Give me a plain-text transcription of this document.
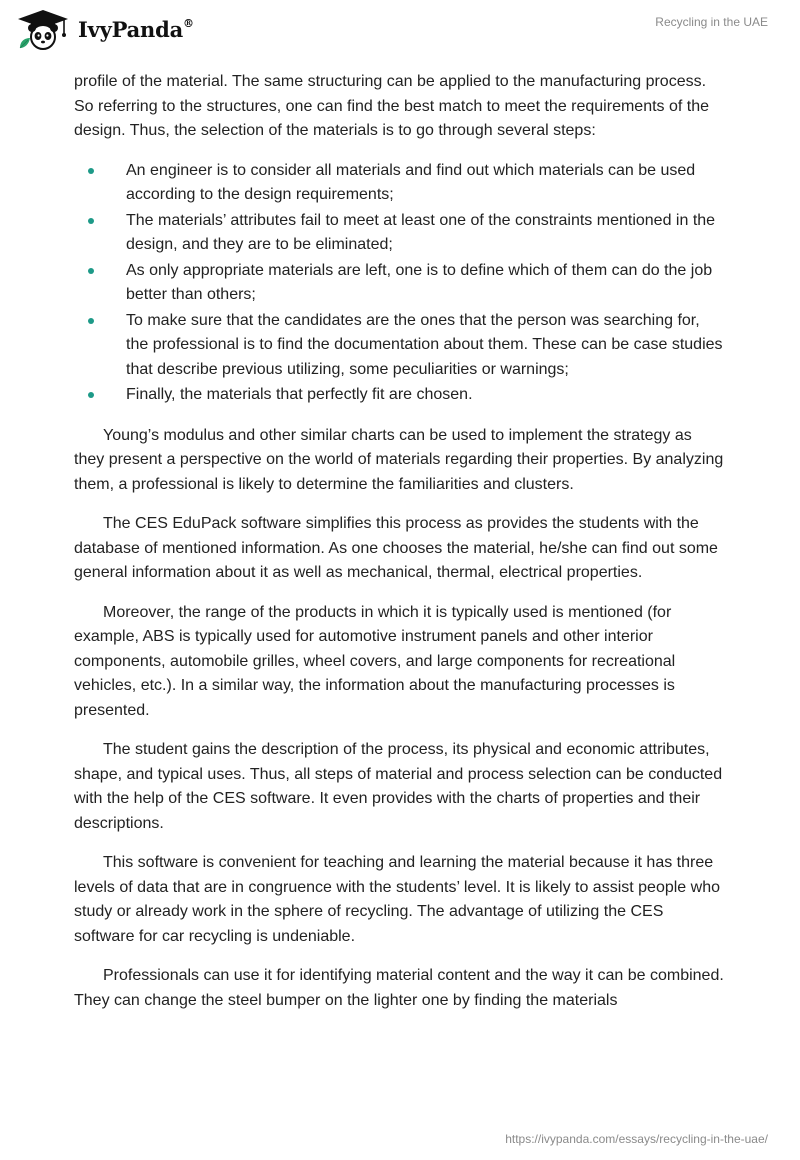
IvyPanda®	Recycling in the UAE

profile of the material. The same structuring can be applied to the manufacturing process. So referring to the structures, one can find the best match to meet the requirements of the design. Thus, the selection of the materials is to go through several steps:

An engineer is to consider all materials and find out which materials can be used according to the design requirements;
The materials’ attributes fail to meet at least one of the constraints mentioned in the design, and they are to be eliminated;
As only appropriate materials are left, one is to define which of them can do the job better than others;
To make sure that the candidates are the ones that the person was searching for, the professional is to find the documentation about them. These can be case studies that describe previous utilizing, some peculiarities or warnings;
Finally, the materials that perfectly fit are chosen.

Young’s modulus and other similar charts can be used to implement the strategy as they present a perspective on the world of materials regarding their properties. By analyzing them, a professional is likely to determine the familiarities and clusters.

The CES EduPack software simplifies this process as provides the students with the database of mentioned information. As one chooses the material, he/she can find out some general information about it as well as mechanical, thermal, electrical properties.

Moreover, the range of the products in which it is typically used is mentioned (for example, ABS is typically used for automotive instrument panels and other interior components, automobile grilles, wheel covers, and large components for recreational vehicles, etc.). In a similar way, the information about the manufacturing processes is presented.

The student gains the description of the process, its physical and economic attributes, shape, and typical uses. Thus, all steps of material and process selection can be conducted with the help of the CES software. It even provides with the charts of properties and their descriptions.

This software is convenient for teaching and learning the material because it has three levels of data that are in congruence with the students’ level. It is likely to assist people who study or already work in the sphere of recycling. The advantage of utilizing the CES software for car recycling is undeniable.

Professionals can use it for identifying material content and the way it can be combined. They can change the steel bumper on the lighter one by finding the materials

https://ivypanda.com/essays/recycling-in-the-uae/
